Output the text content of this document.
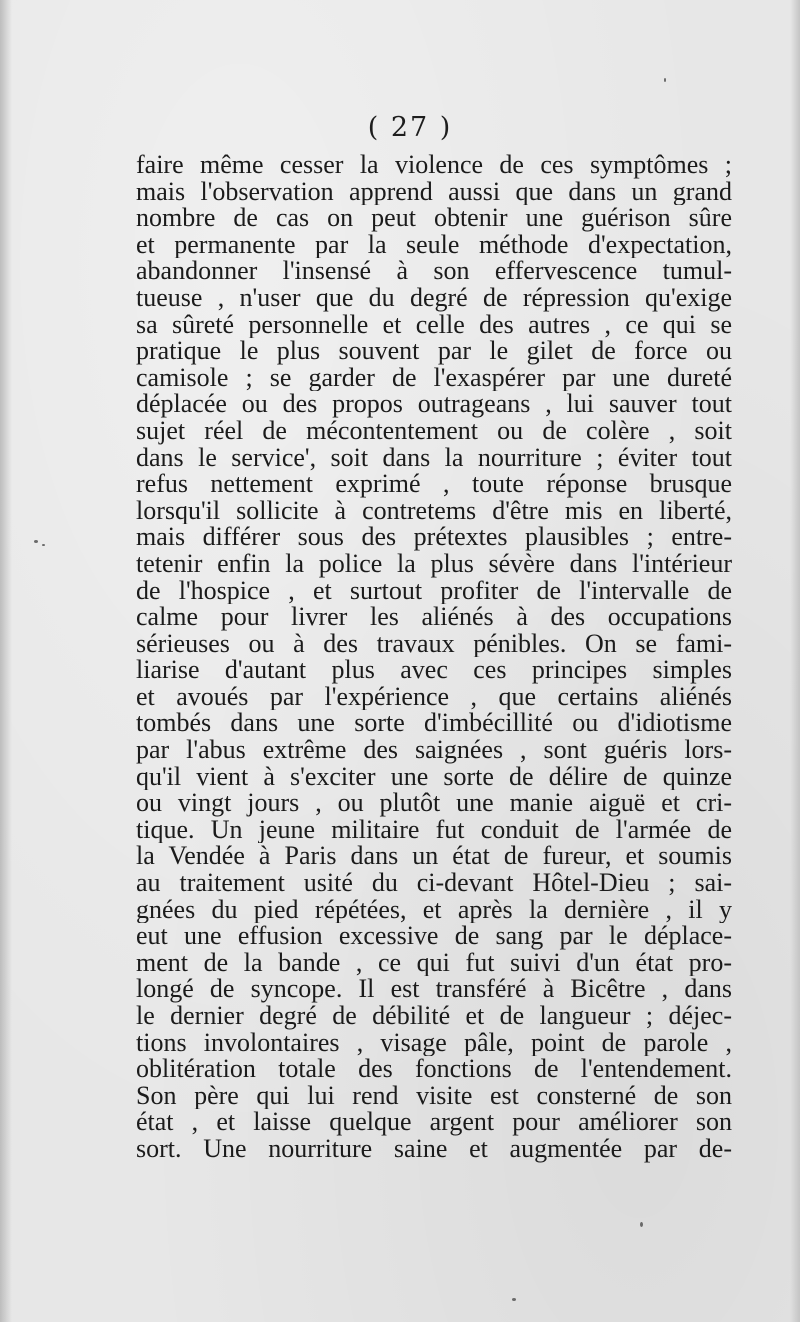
( 27 )
faire même cesser la violence de ces symptômes ;
mais l'observation apprend aussi que dans un grand
nombre de cas on peut obtenir une guérison sûre
et permanente par la seule méthode d'expectation,
abandonner l'insensé à son effervescence tumul-
tueuse , n'user que du degré de répression qu'exige
sa sûreté personnelle et celle des autres , ce qui se
pratique le plus souvent par le gilet de force ou
camisole ; se garder de l'exaspérer par une dureté
déplacée ou des propos outrageans , lui sauver tout
sujet réel de mécontentement ou de colère , soit
dans le service', soit dans la nourriture ; éviter tout
refus nettement exprimé , toute réponse brusque
lorsqu'il sollicite à contretems d'être mis en liberté,
mais différer sous des prétextes plausibles ; entre-
tetenir enfin la police la plus sévère dans l'intérieur
de l'hospice , et surtout profiter de l'intervalle de
calme pour livrer les aliénés à des occupations
sérieuses ou à des travaux pénibles. On se fami-
liarise d'autant plus avec ces principes simples
et avoués par l'expérience , que certains aliénés
tombés dans une sorte d'imbécillité ou d'idiotisme
par l'abus extrême des saignées , sont guéris lors-
qu'il vient à s'exciter une sorte de délire de quinze
ou vingt jours , ou plutôt une manie aiguë et cri-
tique. Un jeune militaire fut conduit de l'armée de
la Vendée à Paris dans un état de fureur, et soumis
au traitement usité du ci-devant Hôtel-Dieu ; sai-
gnées du pied répétées, et après la dernière , il y
eut une effusion excessive de sang par le déplace-
ment de la bande , ce qui fut suivi d'un état pro-
longé de syncope. Il est transféré à Bicêtre , dans
le dernier degré de débilité et de langueur ; déjec-
tions involontaires , visage pâle, point de parole ,
oblitération totale des fonctions de l'entendement.
Son père qui lui rend visite est consterné de son
état , et laisse quelque argent pour améliorer son
sort. Une nourriture saine et augmentée par de-
